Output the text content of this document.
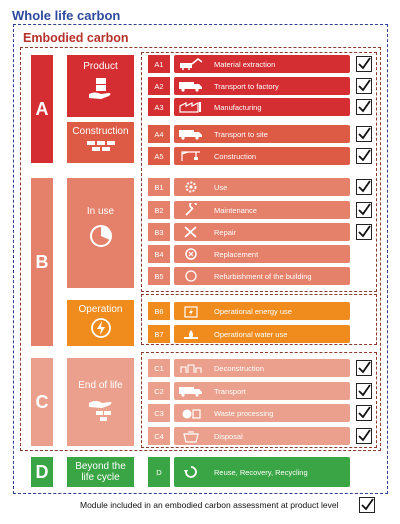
Whole life carbon
Embodied carbon
A
B
C
D
Product
Construction
In use
Operation
End of life
Beyond the
life cycle
A1	Material extraction
A2	Transport to factory
A3	Manufacturing
A4	Transport to site
A5	Construction
B1	Use
B2	Maintenance
B3	Repair
B4	Replacement
B5	Refurbishment of the building
B6	Operational energy use
B7	Operational water use
C1	Deconstruction
C2	Transport
C3	Waste processing
C4	Disposal
D	Reuse, Recovery, Recycling
Module included in an embodied carbon assessment at product level
